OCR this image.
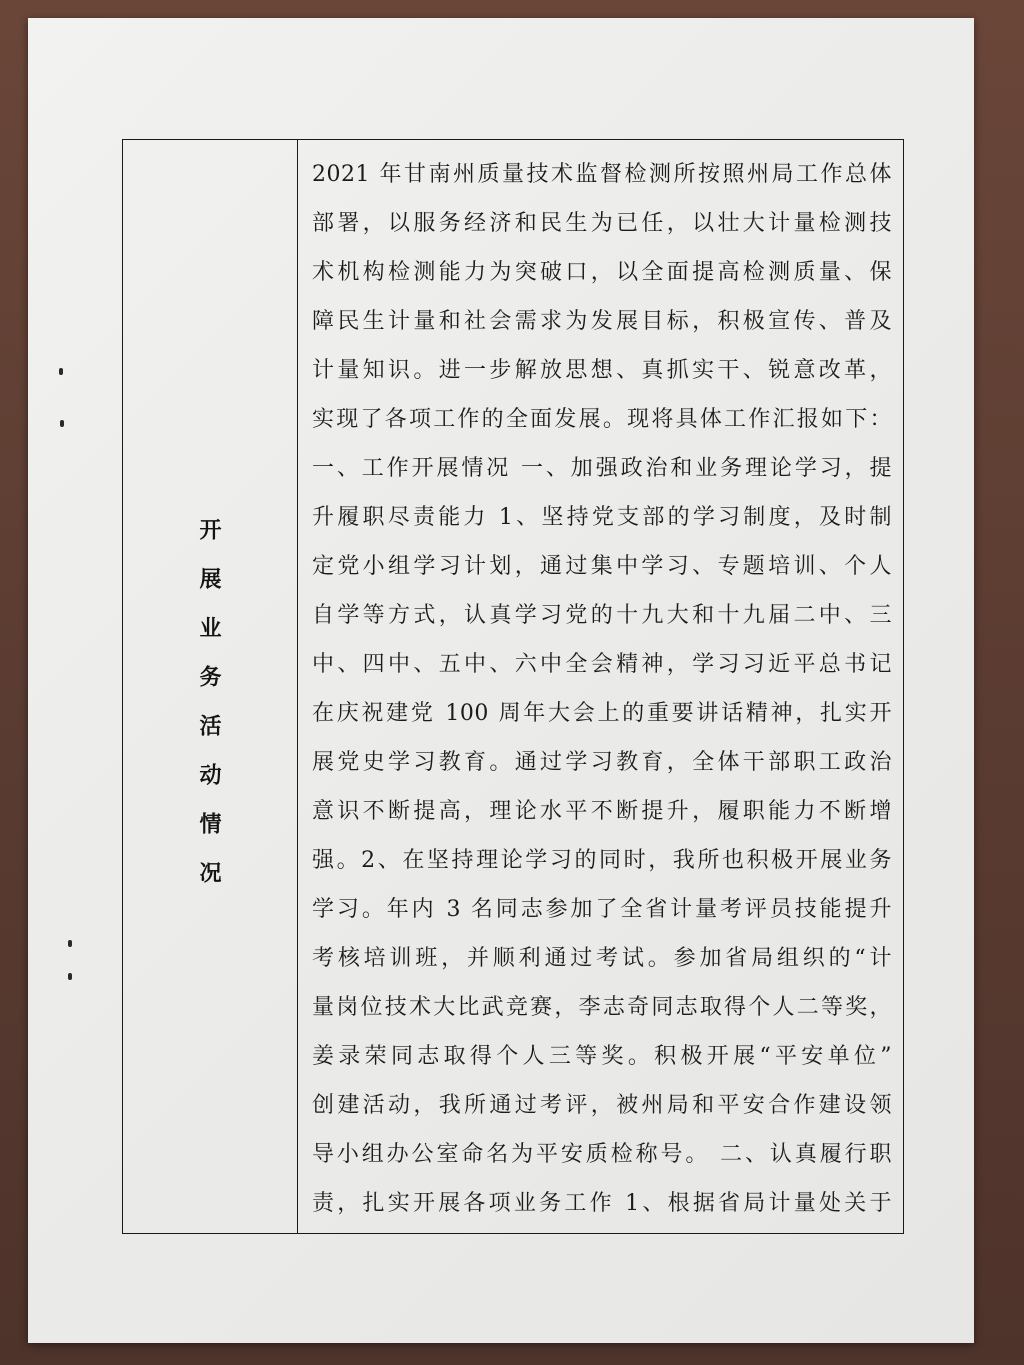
开展业务活动情况
2021 年甘南州质量技术监督检测所按照州局工作总体
部署，以服务经济和民生为已任，以壮大计量检测技
术机构检测能力为突破口，以全面提高检测质量、保
障民生计量和社会需求为发展目标，积极宣传、普及
计量知识。进一步解放思想、真抓实干、锐意改革，
实现了各项工作的全面发展。现将具体工作汇报如下：
一、工作开展情况 一、加强政治和业务理论学习，提
升履职尽责能力 1、坚持党支部的学习制度，及时制
定党小组学习计划，通过集中学习、专题培训、个人
自学等方式，认真学习党的十九大和十九届二中、三
中、四中、五中、六中全会精神，学习习近平总书记
在庆祝建党 100 周年大会上的重要讲话精神，扎实开
展党史学习教育。通过学习教育，全体干部职工政治
意识不断提高，理论水平不断提升，履职能力不断增
强。2、在坚持理论学习的同时，我所也积极开展业务
学习。年内 3 名同志参加了全省计量考评员技能提升
考核培训班，并顺利通过考试。参加省局组织的“计
量岗位技术大比武竞赛，李志奇同志取得个人二等奖，
姜录荣同志取得个人三等奖。积极开展“平安单位”
创建活动，我所通过考评，被州局和平安合作建设领
导小组办公室命名为平安质检称号。 二、认真履行职
责，扎实开展各项业务工作 1、根据省局计量处关于
